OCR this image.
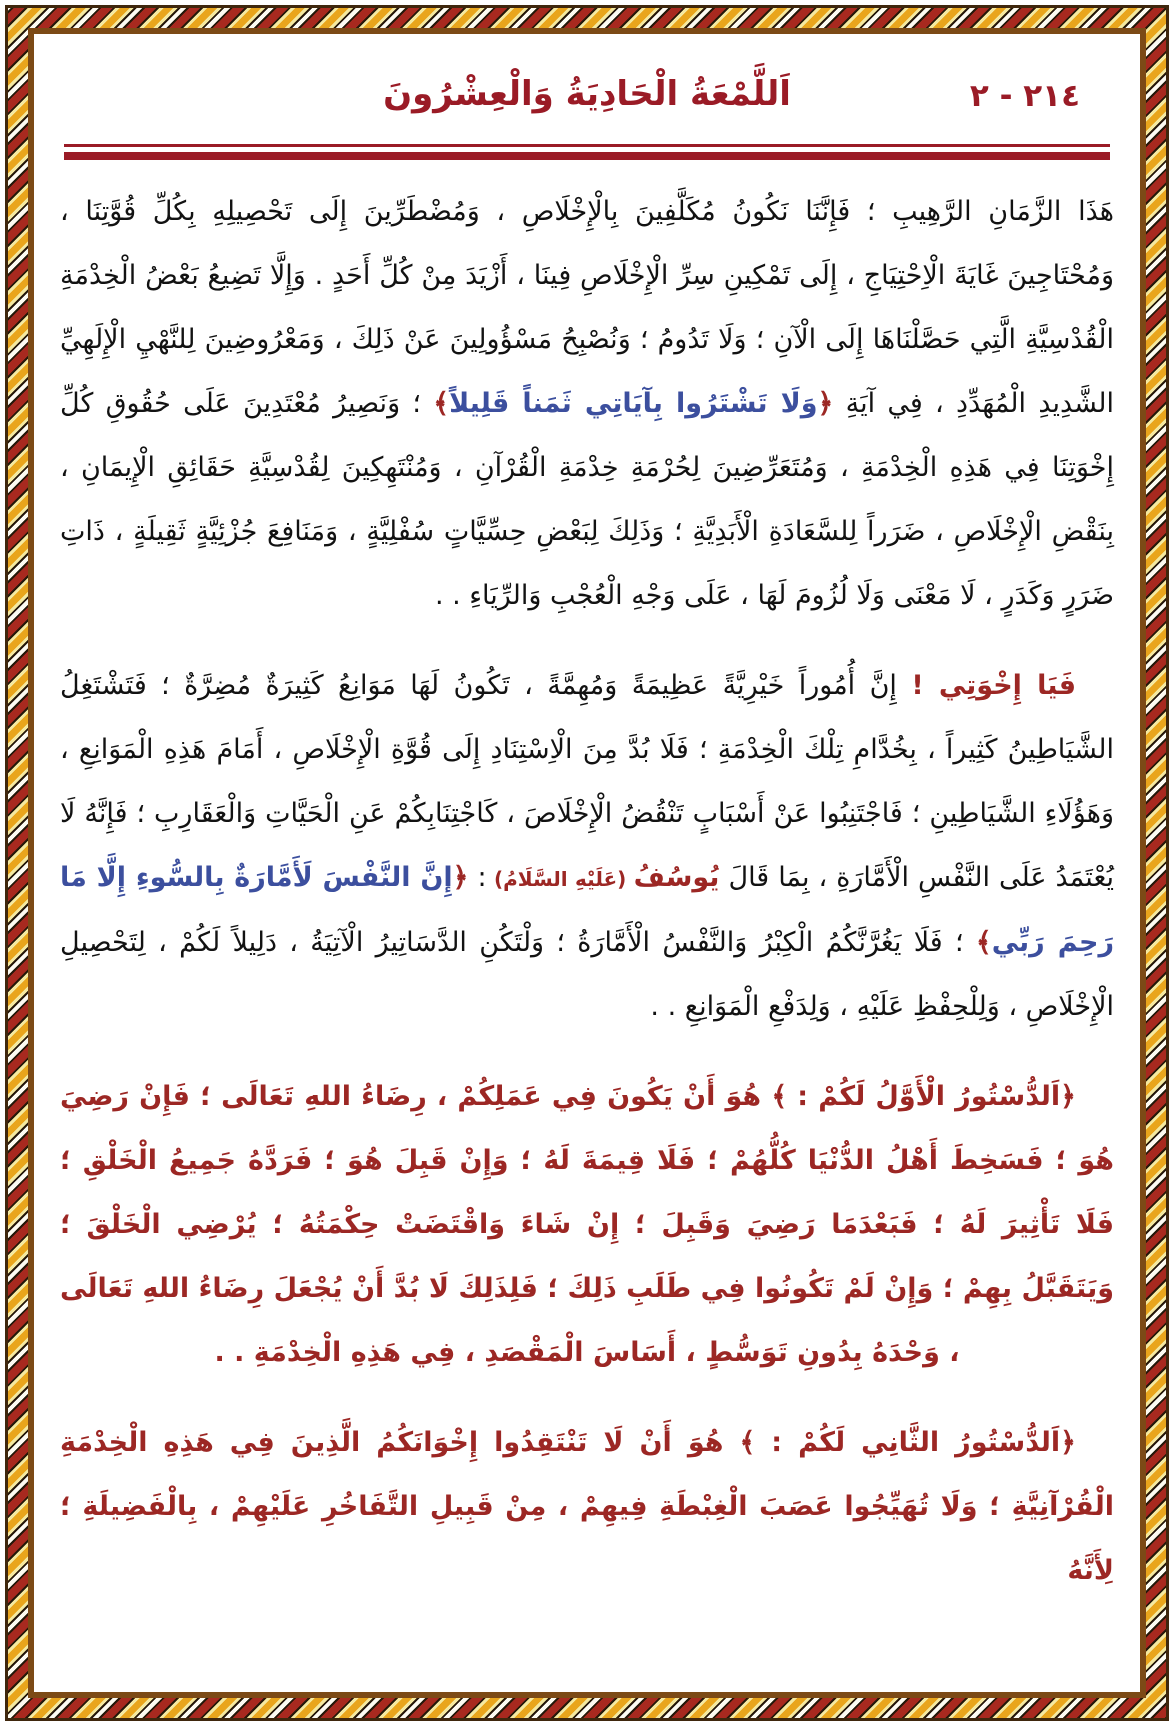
٢١٤ - ٢
اَللَّمْعَةُ الْحَادِيَةُ وَالْعِشْرُونَ

هَذَا الزَّمَانِ الرَّهِيبِ ؛ فَإِنَّنَا نَكُونُ مُكَلَّفِينَ بِالْإِخْلَاصِ ، وَمُضْطَرِّينَ إِلَى تَحْصِيلِهِ بِكُلِّ قُوَّتِنَا ، وَمُحْتَاجِينَ غَايَةَ الْاِحْتِيَاجِ ، إِلَى تَمْكِينِ سِرِّ الْإِخْلَاصِ فِينَا ، أَزْيَدَ مِنْ كُلِّ أَحَدٍ . وَإِلَّا تَضِيعُ بَعْضُ الْخِدْمَةِ الْقُدْسِيَّةِ الَّتِي حَصَّلْنَاهَا إِلَى الْآنِ ؛ وَلَا تَدُومُ ؛ وَنُصْبِحُ مَسْؤُولِينَ عَنْ ذَلِكَ ، وَمَعْرُوضِينَ لِلنَّهْيِ الْإِلَهِيِّ الشَّدِيدِ الْمُهَدِّدِ ، فِي آيَةِ ﴿وَلَا تَشْتَرُوا بِآيَاتِي ثَمَناً قَلِيلاً﴾ ؛ وَنَصِيرُ مُعْتَدِينَ عَلَى حُقُوقِ كُلِّ إِخْوَتِنَا فِي هَذِهِ الْخِدْمَةِ ، وَمُتَعَرِّضِينَ لِحُرْمَةِ خِدْمَةِ الْقُرْآنِ ، وَمُنْتَهِكِينَ لِقُدْسِيَّةِ حَقَائِقِ الْإِيمَانِ ، بِنَقْضِ الْإِخْلَاصِ ، ضَرَراً لِلسَّعَادَةِ الْأَبَدِيَّةِ ؛ وَذَلِكَ لِبَعْضِ حِسِّيَّاتٍ سُفْلِيَّةٍ ، وَمَنَافِعَ جُزْئِيَّةٍ ثَقِيلَةٍ ، ذَاتِ ضَرَرٍ وَكَدَرٍ ، لَا مَعْنَى وَلَا لُزُومَ لَهَا ، عَلَى وَجْهِ الْعُجْبِ وَالرِّيَاءِ . .

فَيَا إِخْوَتِي ! إِنَّ أُمُوراً خَيْرِيَّةً عَظِيمَةً وَمُهِمَّةً ، تَكُونُ لَهَا مَوَانِعُ كَثِيرَةٌ مُضِرَّةٌ ؛ فَتَشْتَغِلُ الشَّيَاطِينُ كَثِيراً ، بِخُدَّامِ تِلْكَ الْخِدْمَةِ ؛ فَلَا بُدَّ مِنَ الْاِسْتِنَادِ إِلَى قُوَّةِ الْإِخْلَاصِ ، أَمَامَ هَذِهِ الْمَوَانِعِ ، وَهَؤُلَاءِ الشَّيَاطِينِ ؛ فَاجْتَنِبُوا عَنْ أَسْبَابٍ تَنْقُضُ الْإِخْلَاصَ ، كَاجْتِنَابِكُمْ عَنِ الْحَيَّاتِ وَالْعَقَارِبِ ؛ فَإِنَّهُ لَا يُعْتَمَدُ عَلَى النَّفْسِ الْأَمَّارَةِ ، بِمَا قَالَ يُوسُفُ (عَلَيْهِ السَّلَامُ) : ﴿إِنَّ النَّفْسَ لَأَمَّارَةٌ بِالسُّوءِ إِلَّا مَا رَحِمَ رَبِّي﴾ ؛ فَلَا يَغُرَّنَّكُمُ الْكِبْرُ وَالنَّفْسُ الْأَمَّارَةُ ؛ وَلْتَكُنِ الدَّسَاتِيرُ الْآتِيَةُ ، دَلِيلاً لَكُمْ ، لِتَحْصِيلِ الْإِخْلَاصِ ، وَلِلْحِفْظِ عَلَيْهِ ، وَلِدَفْعِ الْمَوَانِعِ . .

﴿اَلدُّسْتُورُ الْأَوَّلُ لَكُمْ : ﴾ هُوَ أَنْ يَكُونَ فِي عَمَلِكُمْ ، رِضَاءُ اللهِ تَعَالَى ؛ فَإِنْ رَضِيَ هُوَ ؛ فَسَخِطَ أَهْلُ الدُّنْيَا كُلُّهُمْ ؛ فَلَا قِيمَةَ لَهُ ؛ وَإِنْ قَبِلَ هُوَ ؛ فَرَدَّهُ جَمِيعُ الْخَلْقِ ؛ فَلَا تَأْثِيرَ لَهُ ؛ فَبَعْدَمَا رَضِيَ وَقَبِلَ ؛ إِنْ شَاءَ وَاقْتَضَتْ حِكْمَتُهُ ؛ يُرْضِي الْخَلْقَ ؛ وَيَتَقَبَّلُ بِهِمْ ؛ وَإِنْ لَمْ تَكُونُوا فِي طَلَبِ ذَلِكَ ؛ فَلِذَلِكَ لَا بُدَّ أَنْ يُجْعَلَ رِضَاءُ اللهِ تَعَالَى ، وَحْدَهُ بِدُونِ تَوَسُّطٍ ، أَسَاسَ الْمَقْصَدِ ، فِي هَذِهِ الْخِدْمَةِ . .

﴿اَلدُّسْتُورُ الثَّانِي لَكُمْ : ﴾ هُوَ أَنْ لَا تَنْتَقِدُوا إِخْوَانَكُمُ الَّذِينَ فِي هَذِهِ الْخِدْمَةِ الْقُرْآنِيَّةِ ؛ وَلَا تُهَيِّجُوا عَصَبَ الْغِبْطَةِ فِيهِمْ ، مِنْ قَبِيلِ التَّفَاخُرِ عَلَيْهِمْ ، بِالْفَضِيلَةِ ؛ لِأَنَّهُ
